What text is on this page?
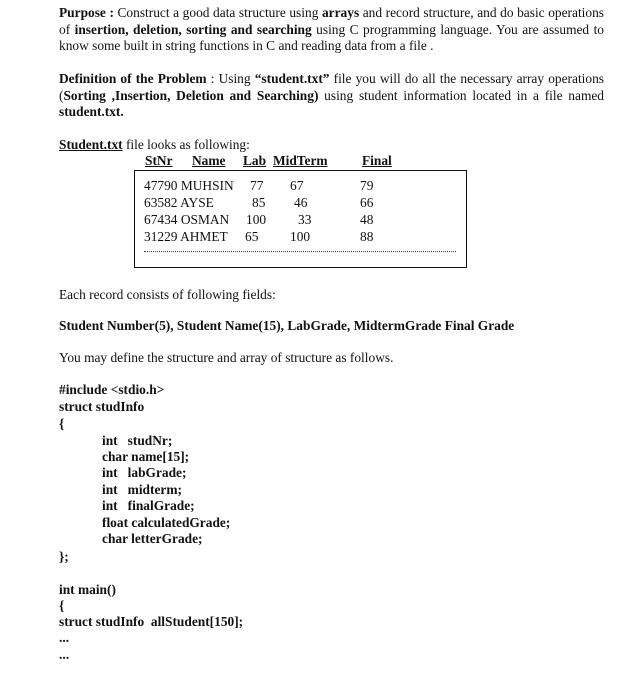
Purpose : Construct a good data structure using arrays and record structure, and do basic operations of insertion, deletion, sorting and searching using C programming language. You are assumed to know some built in string functions in C and reading data from a file .
Definition of the Problem : Using “student.txt” file you will do all the necessary array operations (Sorting ,Insertion, Deletion and Searching) using student information located in a file named student.txt.
Student.txt file looks as following:
StNr Name Lab MidTerm	Final
47790 MUHSIN 77 67	79
63582 AYSE	85 46	66
67434 OSMAN 100 33	48
31229 AHMET 65 100	88
Each record consists of following fields:
Student Number(5), Student Name(15), LabGrade, MidtermGrade Final Grade
You may define the structure and array of structure as follows.
#include <stdio.h>
struct studInfo
{
int   studNr;
char name[15];
int   labGrade;
int   midterm;
int   finalGrade;
float calculatedGrade;
char letterGrade;
};
int main()
{
struct studInfo  allStudent[150];
...
...
